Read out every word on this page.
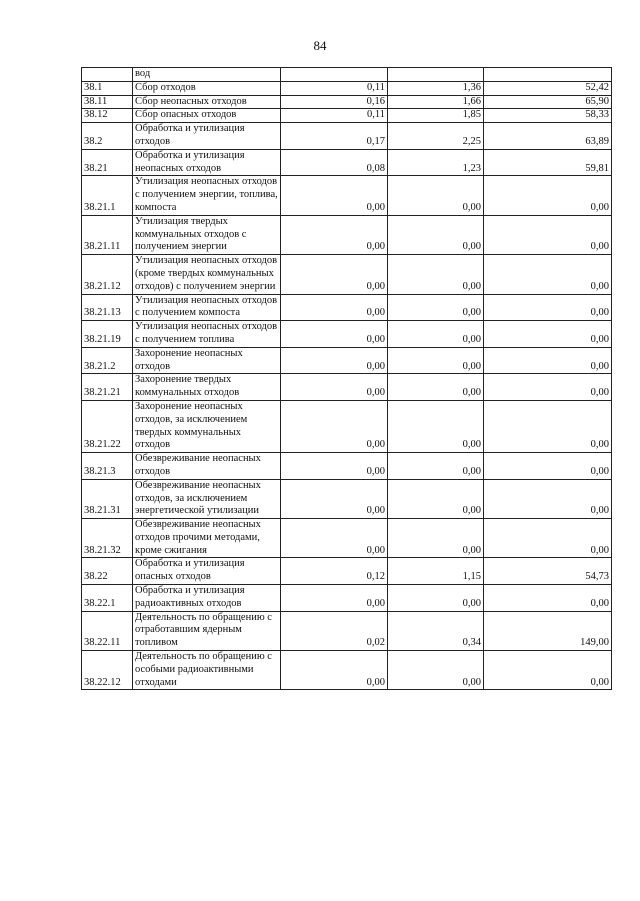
84
	вод			
38.1	Сбор отходов	0,11	1,36	52,42
38.11	Сбор неопасных отходов	0,16	1,66	65,90
38.12	Сбор опасных отходов	0,11	1,85	58,33
38.2	Обработка и утилизация отходов	0,17	2,25	63,89
38.21	Обработка и утилизация неопасных отходов	0,08	1,23	59,81
38.21.1	Утилизация неопасных отходов с получением энергии, топлива, компоста	0,00	0,00	0,00
38.21.11	Утилизация твердых коммунальных отходов с получением энергии	0,00	0,00	0,00
38.21.12	Утилизация неопасных отходов (кроме твердых коммунальных отходов) с получением энергии	0,00	0,00	0,00
38.21.13	Утилизация неопасных отходов с получением компоста	0,00	0,00	0,00
38.21.19	Утилизация неопасных отходов с получением топлива	0,00	0,00	0,00
38.21.2	Захоронение неопасных отходов	0,00	0,00	0,00
38.21.21	Захоронение твердых коммунальных отходов	0,00	0,00	0,00
38.21.22	Захоронение неопасных отходов, за исключением твердых коммунальных отходов	0,00	0,00	0,00
38.21.3	Обезвреживание неопасных отходов	0,00	0,00	0,00
38.21.31	Обезвреживание неопасных отходов, за исключением энергетической утилизации	0,00	0,00	0,00
38.21.32	Обезвреживание неопасных отходов прочими методами, кроме сжигания	0,00	0,00	0,00
38.22	Обработка и утилизация опасных отходов	0,12	1,15	54,73
38.22.1	Обработка и утилизация радиоактивных отходов	0,00	0,00	0,00
38.22.11	Деятельность по обращению с отработавшим ядерным топливом	0,02	0,34	149,00
38.22.12	Деятельность по обращению с особыми радиоактивными отходами	0,00	0,00	0,00
